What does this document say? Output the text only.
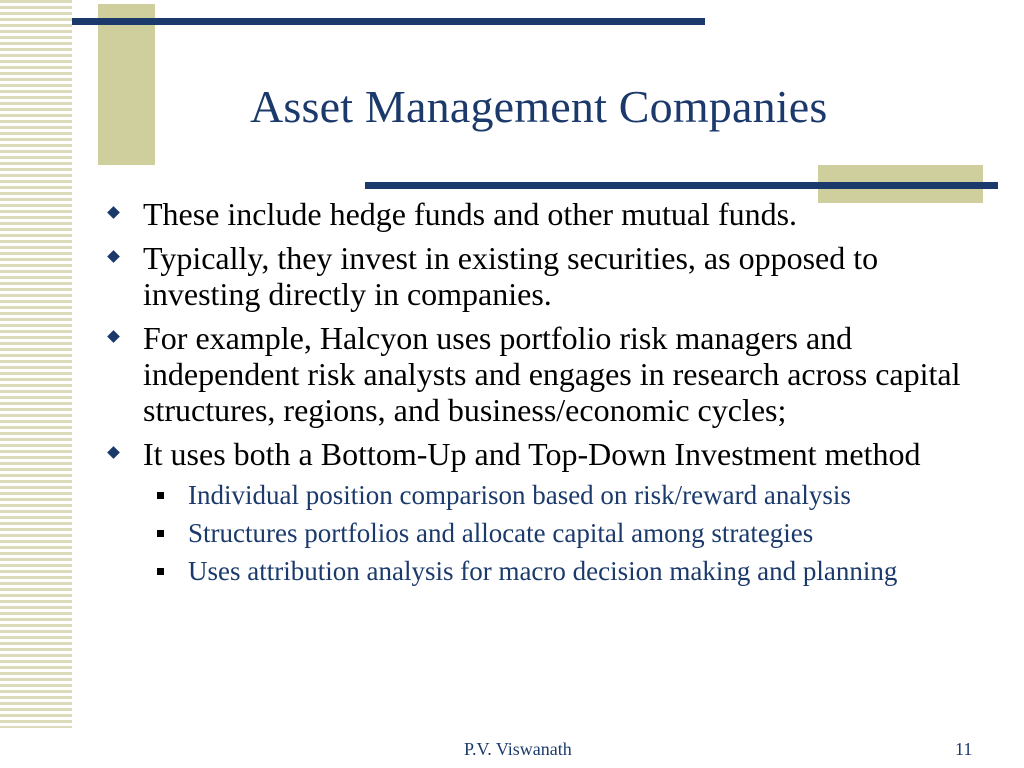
Asset Management Companies
These include hedge funds and other mutual funds.
Typically, they invest in existing securities, as opposed to investing directly in companies.
For example, Halcyon uses portfolio risk managers and independent risk analysts and engages in research across capital structures, regions, and business/economic cycles;
It uses both a Bottom-Up and Top-Down Investment method
Individual position comparison based on risk/reward analysis
Structures portfolios and allocate capital among strategies
Uses attribution analysis for macro decision making and planning
P.V. Viswanath	11
